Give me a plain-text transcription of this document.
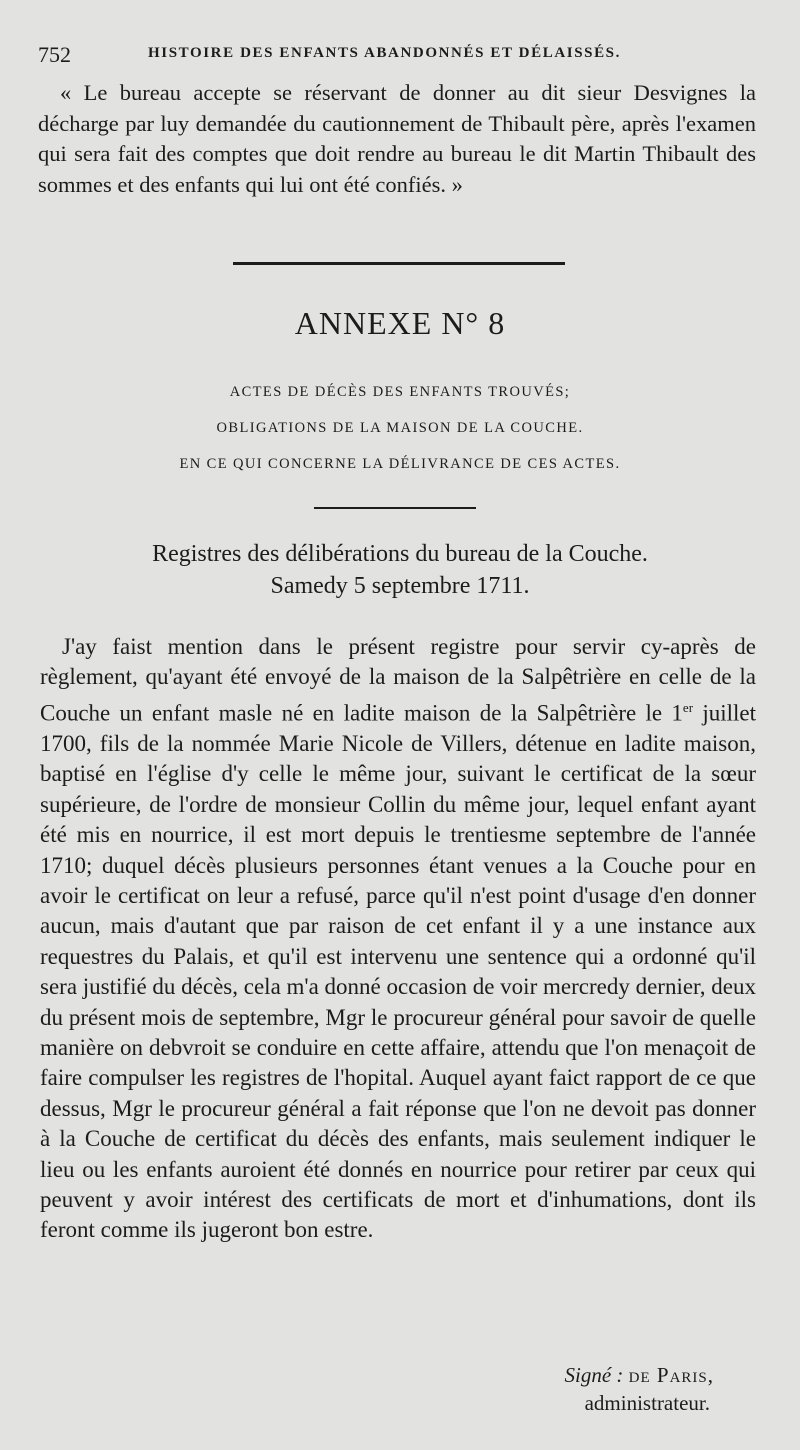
752	HISTOIRE DES ENFANTS ABANDONNÉS ET DÉLAISSÉS.
« Le bureau accepte se réservant de donner au dit sieur Desvignes la décharge par luy demandée du cautionnement de Thibault père, après l'examen qui sera fait des comptes que doit rendre au bureau le dit Martin Thibault des sommes et des enfants qui lui ont été confiés. »
ANNEXE N° 8
ACTES DE DÉCÈS DES ENFANTS TROUVÉS;
OBLIGATIONS DE LA MAISON DE LA COUCHE.
EN CE QUI CONCERNE LA DÉLIVRANCE DE CES ACTES.
Registres des délibérations du bureau de la Couche.
Samedy 5 septembre 1711.
J'ay faist mention dans le présent registre pour servir cy-après de règlement, qu'ayant été envoyé de la maison de la Salpêtrière en celle de la Couche un enfant masle né en ladite maison de la Salpêtrière le 1er juillet 1700, fils de la nommée Marie Nicole de Villers, détenue en ladite maison, baptisé en l'église d'y celle le même jour, suivant le certificat de la sœur supérieure, de l'ordre de monsieur Collin du même jour, lequel enfant ayant été mis en nourrice, il est mort depuis le trentiesme septembre de l'année 1710; duquel décès plusieurs personnes étant venues a la Couche pour en avoir le certificat on leur a refusé, parce qu'il n'est point d'usage d'en donner aucun, mais d'autant que par raison de cet enfant il y a une instance aux requestres du Palais, et qu'il est intervenu une sentence qui a ordonné qu'il sera justifié du décès, cela m'a donné occasion de voir mercredy dernier, deux du présent mois de septembre, Mgr le procureur général pour savoir de quelle manière on debvroit se conduire en cette affaire, attendu que l'on menaçoit de faire compulser les registres de l'hopital. Auquel ayant faict rapport de ce que dessus, Mgr le procureur général a fait réponse que l'on ne devoit pas donner à la Couche de certificat du décès des enfants, mais seulement indiquer le lieu ou les enfants auroient été donnés en nourrice pour retirer par ceux qui peuvent y avoir intérest des certificats de mort et d'inhumations, dont ils feront comme ils jugeront bon estre.
Signé : de Paris,
administrateur.
